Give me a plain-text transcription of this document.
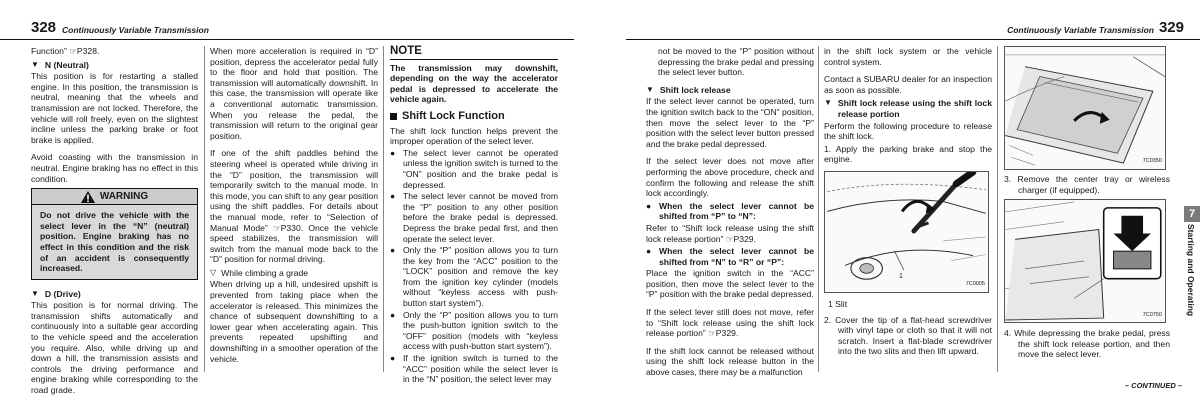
328 Continuously Variable Transmission

Function” ☞P328.

▼ N (Neutral)

This position is for restarting a stalled engine. In this position, the transmission is neutral, meaning that the wheels and transmission are not locked. Therefore, the vehicle will roll freely, even on the slightest incline unless the parking brake or foot brake is applied.

Avoid coasting with the transmission in neutral. Engine braking has no effect in this condition.

WARNING
Do not drive the vehicle with the select lever in the “N” (neutral) position. Engine braking has no effect in this condition and the risk of an accident is consequently increased.
▼ D (Drive)

This position is for normal driving. The transmission shifts automatically and continuously into a suitable gear according to the vehicle speed and the acceleration you require. Also, while driving up and down a hill, the transmission assists and controls the driving performance and engine braking while corresponding to the road grade.

When more acceleration is required in “D” position, depress the accelerator pedal fully to the floor and hold that position. The transmission will automatically downshift. In this case, the transmission will operate like a conventional automatic transmission. When you release the pedal, the transmission will return to the original gear position.

If one of the shift paddles behind the steering wheel is operated while driving in the “D” position, the transmission will temporarily switch to the manual mode. In this mode, you can shift to any gear position using the shift paddles. For details about the manual mode, refer to “Selection of Manual Mode” ☞P330. Once the vehicle speed stabilizes, the transmission will switch from the manual mode back to the “D” position for normal driving.

▽ While climbing a grade

When driving up a hill, undesired upshift is prevented from taking place when the accelerator is released. This minimizes the chance of subsequent downshifting to a lower gear when accelerating again. This prevents repeated upshifting and downshifting in a smoother operation of the vehicle.

NOTE

The transmission may downshift, depending on the way the accelerator pedal is depressed to accelerate the vehicle again.

Shift Lock Function

The shift lock function helps prevent the improper operation of the select lever.

● The select lever cannot be operated unless the ignition switch is turned to the “ON” position and the brake pedal is depressed.
● The select lever cannot be moved from the “P” position to any other position before the brake pedal is depressed. Depress the brake pedal first, and then operate the select lever.
● Only the “P” position allows you to turn the key from the “ACC” position to the “LOCK” position and remove the key from the ignition key cylinder (models without “keyless access with push-button start system”).
● Only the “P” position allows you to turn the push-button ignition switch to the “OFF” position (models with “keyless access with push-button start system”).
● If the ignition switch is turned to the “ACC” position while the select lever is in the “N” position, the select lever may
Continuously Variable Transmission 329

not be moved to the “P” position without depressing the brake pedal and pressing the select lever button.

▼ Shift lock release

If the select lever cannot be operated, turn the ignition switch back to the “ON” position, then move the select lever to the “P” position with the select lever button pressed and the brake pedal depressed.

If the select lever does not move after performing the above procedure, check and confirm the following and release the shift lock accordingly.

● When the select lever cannot be shifted from “P” to “N”:

Refer to “Shift lock release using the shift lock release portion” ☞P329.

● When the select lever cannot be shifted from “N” to “R” or “P”:

Place the ignition switch in the “ACC” position, then move the select lever to the “P” position with the brake pedal depressed.

If the select lever still does not move, refer to “Shift lock release using the shift lock release portion” ☞P329.

If the shift lock cannot be released without using the shift lock release button in the above cases, there may be a malfunction

in the shift lock system or the vehicle control system.

Contact a SUBARU dealer for an inspection as soon as possible.

▼ Shift lock release using the shift lock release portion

Perform the following procedure to release the shift lock.

1. Apply the parking brake and stop the engine.

1
7C0005

1 Slit

2. Cover the tip of a flat-head screwdriver with vinyl tape or cloth so that it will not scratch. Insert a flat-blade screwdriver into the two slits and then lift upward.

7C0350

3. Remove the center tray or wireless charger (if equipped).

7C0750

4. While depressing the brake pedal, press the shift lock release portion, and then move the select lever.

7
Starting and Operating
– CONTINUED –
